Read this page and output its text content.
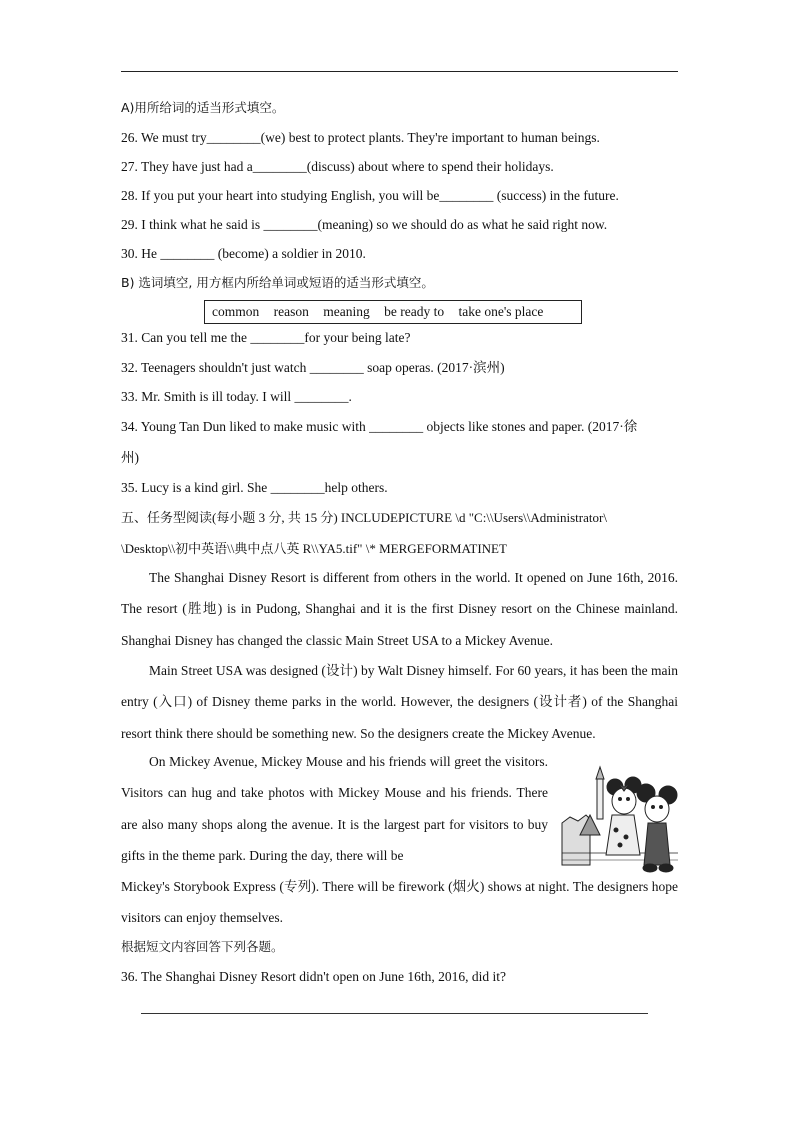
A)用所给词的适当形式填空。
26. We must try________(we) best to protect plants. They're important to human beings.
27. They have just had a________(discuss) about where to spend their holidays.
28. If you put your heart into studying English, you will be________ (success) in the future.
29. I think what he said is ________(meaning) so we should do as what he said right now.
30. He ________ (become) a soldier in 2010.
B) 选词填空, 用方框内所给单词或短语的适当形式填空。
common reason meaning be ready to take one's place
31. Can you tell me the ________for your being late?
32. Teenagers shouldn't just watch ________ soap operas. (2017·滨州)
33. Mr. Smith is ill today. I will ________.
34. Young Tan Dun liked to make music with ________ objects like stones and paper. (2017·徐
州)
35. Lucy is a kind girl. She ________help others.
五、任务型阅读(每小题 3 分, 共 15 分) INCLUDEPICTURE \d "C:\\Users\\Administrator\
\Desktop\\初中英语\\典中点八英 R\\YA5.tif" \* MERGEFORMATINET
The Shanghai Disney Resort is different from others in the world. It opened on June 16th, 2016. The resort (胜地) is in Pudong, Shanghai and it is the first Disney resort on the Chinese mainland. Shanghai Disney has changed the classic Main Street USA to a Mickey Avenue.
Main Street USA was designed (设计) by Walt Disney himself. For 60 years, it has been the main entry (入口) of Disney theme parks in the world. However, the designers (设计者) of the Shanghai resort think there should be something new. So the designers create the Mickey Avenue.
On Mickey Avenue, Mickey Mouse and his friends will greet the visitors. Visitors can hug and take photos with Mickey Mouse and his friends. There are also many shops along the avenue. It is the largest part for visitors to buy gifts in the theme park. During the day, there will be
Mickey's Storybook Express (专列). There will be firework (烟火) shows at night. The designers hope visitors can enjoy themselves.
根据短文内容回答下列各题。
36. The Shanghai Disney Resort didn't open on June 16th, 2016, did it?
